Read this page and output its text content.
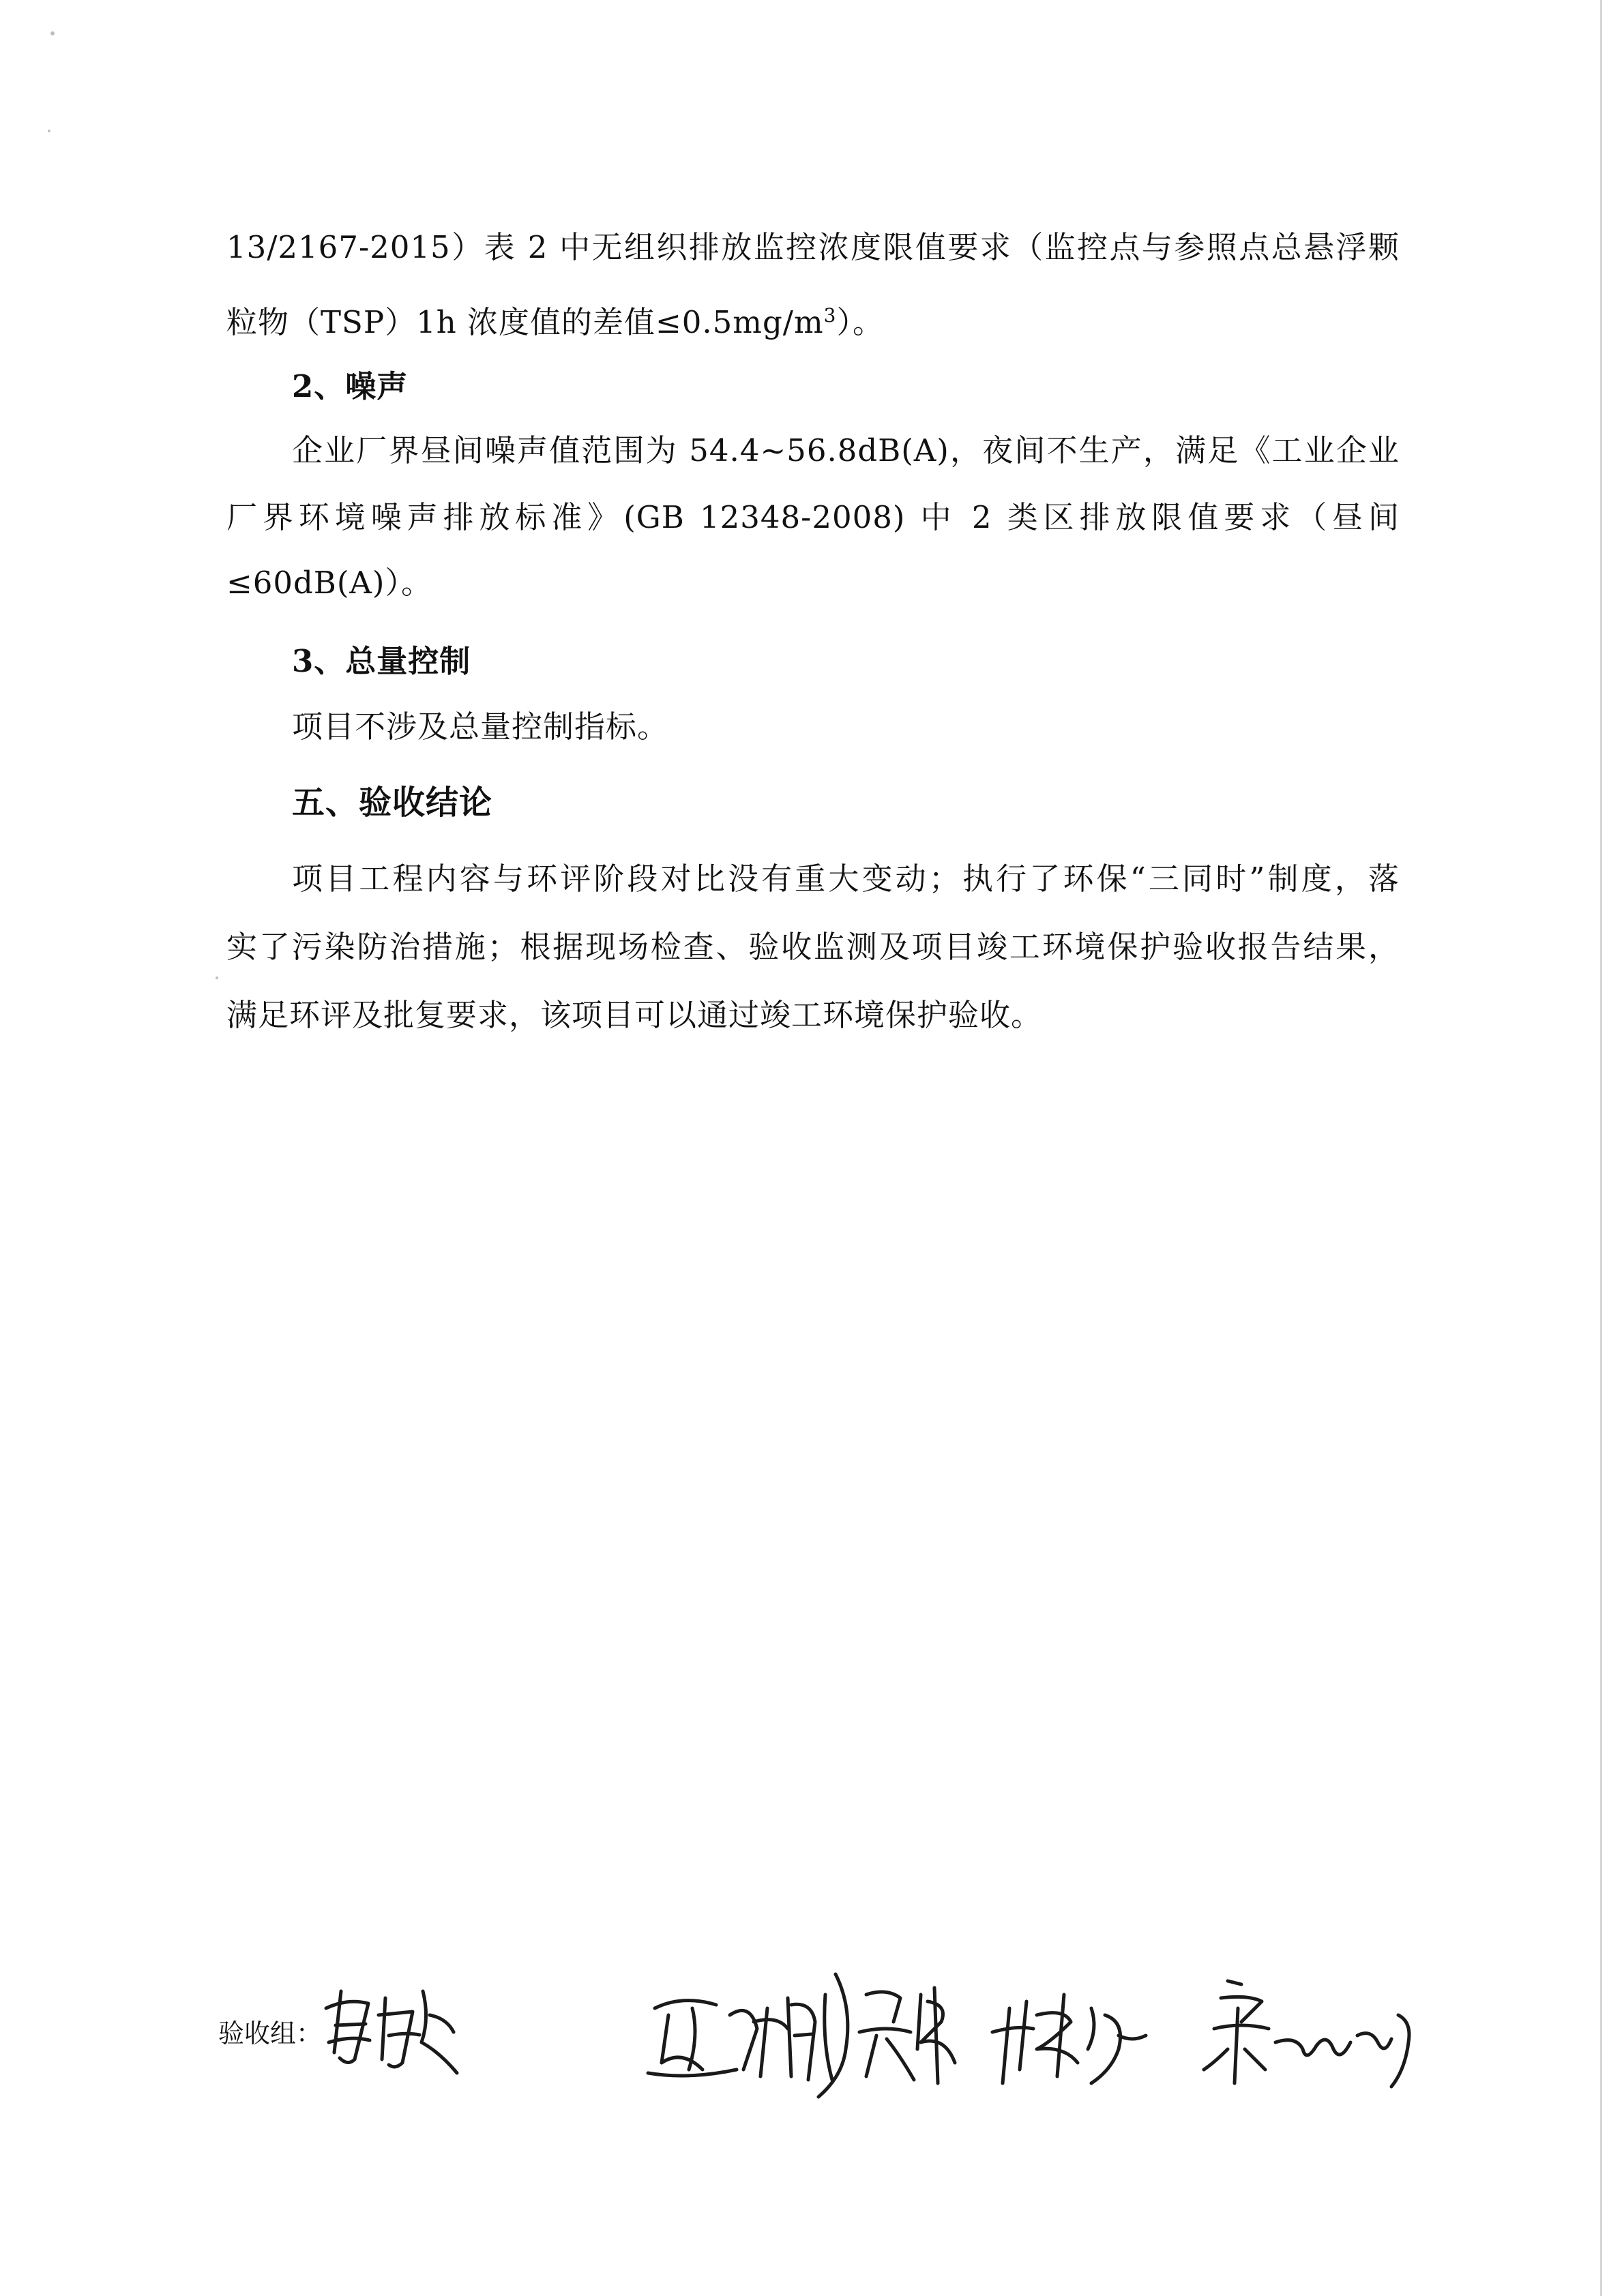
13/2167-2015）表 2 中无组织排放监控浓度限值要求（监控点与参照点总悬浮颗
粒物（TSP）1h 浓度值的差值$\le 0.5mg/m^3$）。
2、噪声
企业厂界昼间噪声值范围为 54.4~56.8dB(A)，夜间不生产，满足《工业企业
厂界环境噪声排放标准》(GB 12348-2008) 中 2 类区排放限值要求（昼间
≤60dB(A)）。
3、总量控制
项目不涉及总量控制指标。
五、验收结论
项目工程内容与环评阶段对比没有重大变动；执行了环保“三同时”制度，落
实了污染防治措施；根据现场检查、验收监测及项目竣工环境保护验收报告结果，
满足环评及批复要求，该项目可以通过竣工环境保护验收。
验收组：
